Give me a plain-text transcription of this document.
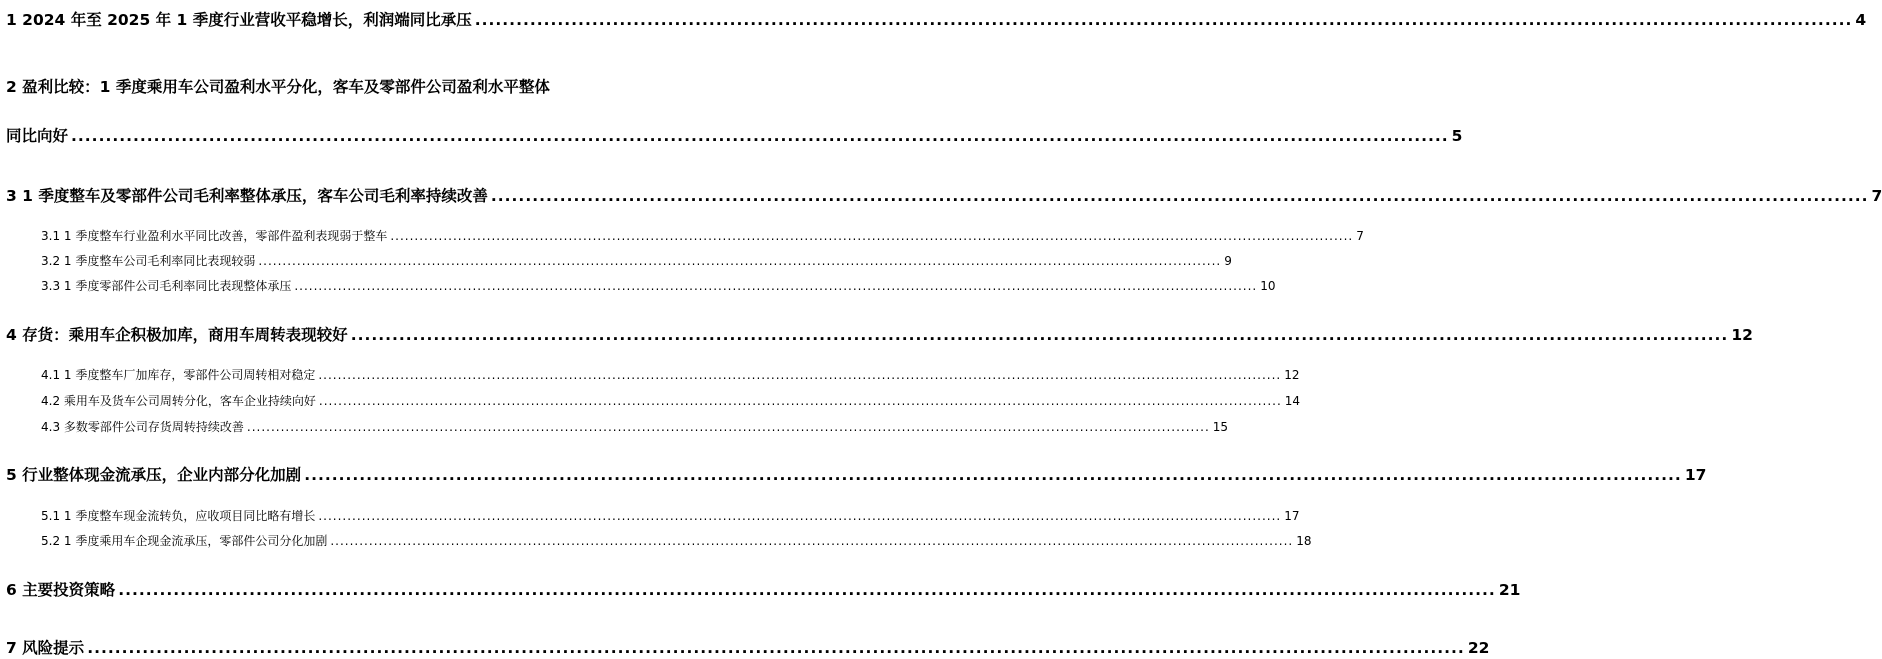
1 2024 年至 2025 年 1 季度行业营收平稳增长，利润端同比承压 .....	4
2 盈利比较：1 季度乘用车公司盈利水平分化，客车及零部件公司盈利水平整体
同比向好 .....	5
3 1 季度整车及零部件公司毛利率整体承压，客车公司毛利率持续改善 .....	7
3.1 1 季度整车行业盈利水平同比改善，零部件盈利表现弱于整车 .....	7
3.2 1 季度整车公司毛利率同比表现较弱 .....	9
3.3 1 季度零部件公司毛利率同比表现整体承压 .....	10
4 存货：乘用车企积极加库，商用车周转表现较好 .....	12
4.1 1 季度整车厂加库存，零部件公司周转相对稳定 .....	12
4.2 乘用车及货车公司周转分化，客车企业持续向好 .....	14
4.3 多数零部件公司存货周转持续改善 .....	15
5 行业整体现金流承压，企业内部分化加剧 .....	17
5.1 1 季度整车现金流转负，应收项目同比略有增长 .....	17
5.2 1 季度乘用车企现金流承压，零部件公司分化加剧 .....	18
6 主要投资策略 .....	21
7 风险提示 .....	22
